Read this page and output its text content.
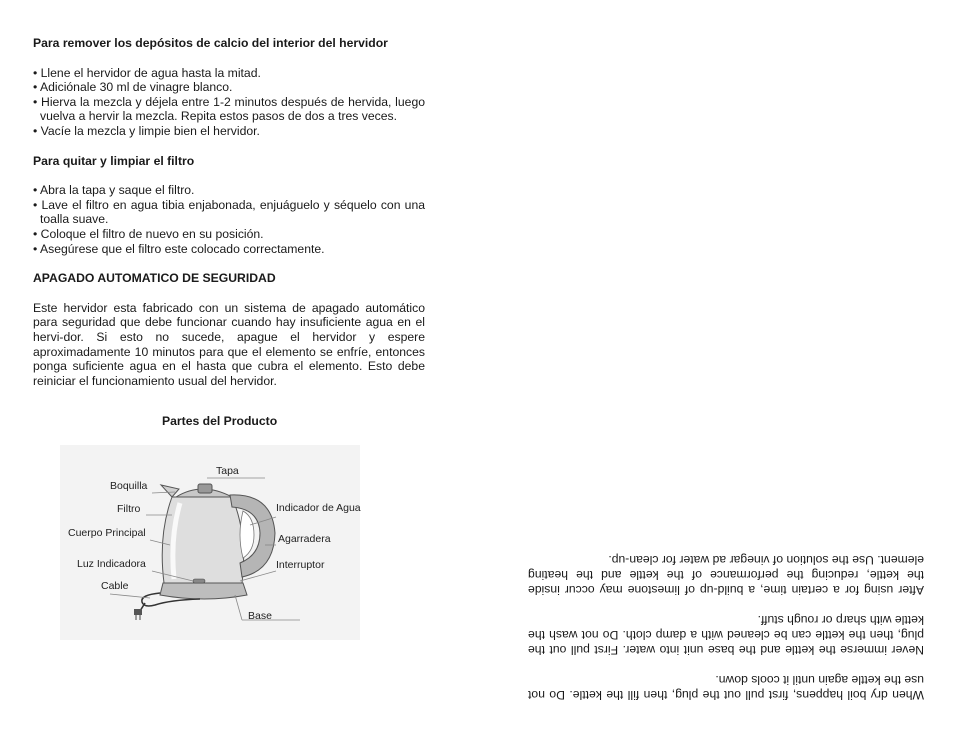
Para remover los depósitos de calcio del interior del hervidor

• Llene el hervidor de agua hasta la mitad.
• Adiciónale 30 ml de vinagre blanco.
• Hierva la mezcla y déjela entre 1-2 minutos después de hervida, luego vuelva a hervir la mezcla. Repita estos pasos de dos a tres veces.
• Vacíe la mezcla y limpie bien el hervidor.

Para quitar y limpiar el filtro

• Abra la tapa y saque el filtro.
• Lave el filtro en agua tibia enjabonada, enjuáguelo y séquelo con una toalla suave.
• Coloque el filtro de nuevo en su posición.
• Asegúrese que el filtro este colocado correctamente.

APAGADO AUTOMATICO DE SEGURIDAD

Este hervidor esta fabricado con un sistema de apagado automático para seguridad que debe funcionar cuando hay insuficiente agua en el hervi-dor. Si esto no sucede, apague el hervidor y espere aproximadamente 10 minutos para que el elemento se enfríe, entonces ponga suficiente agua en el hasta que cubra el elemento. Esto debe reiniciar el funcionamiento usual del hervidor.

Partes del Producto
Tapa
Boquilla
Filtro	Indicador de Agua
Cuerpo Principal	Agarradera
Luz Indicadora	Interruptor
Cable
Base

When dry boil happens, first pull out the plug, then fill the kettle. Do not use the kettle again until it cools down.

Never immerse the kettle and the base unit into water. First pull out the plug, then the kettle can be cleaned with a damp cloth. Do not wash the kettle with sharp or rough stuff.

After using for a certain time, a build-up of limestone may occur inside the kettle, reducing the performance of the kettle and the heating element. Use the solution of vinegar ad water for clean-up.
